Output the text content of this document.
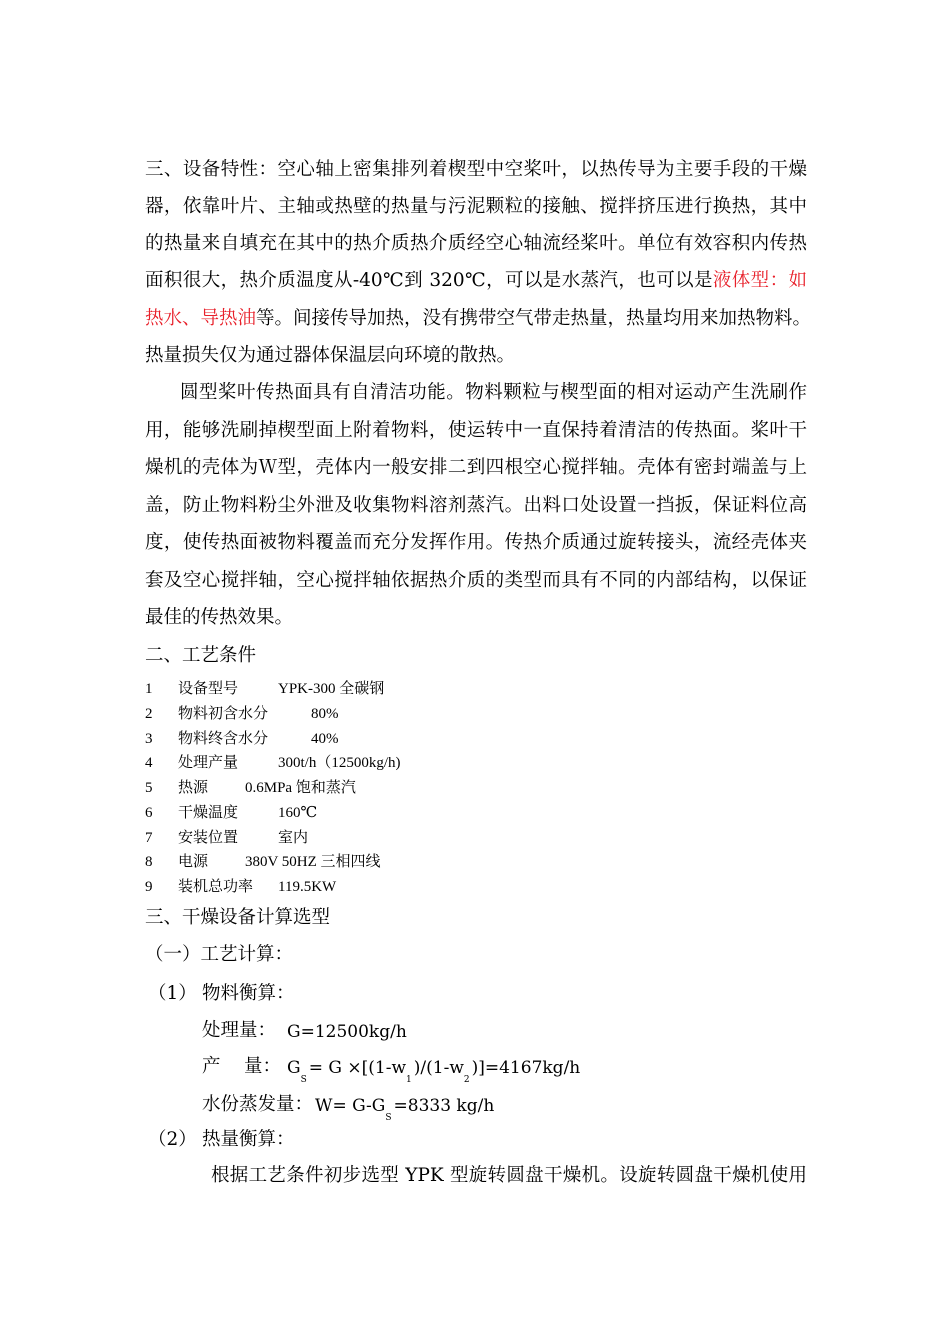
三、设备特性：空心轴上密集排列着楔型中空桨叶，以热传导为主要手段的干燥
器，依靠叶片、主轴或热壁的热量与污泥颗粒的接触、搅拌挤压进行换热，其中
的热量来自填充在其中的热介质热介质经空心轴流经桨叶。单位有效容积内传热
面积很大，热介质温度从-40℃到 320℃，可以是水蒸汽，也可以是液体型：如
热水、导热油等。间接传导加热，没有携带空气带走热量，热量均用来加热物料。
热量损失仅为通过器体保温层向环境的散热。
圆型桨叶传热面具有自清洁功能。物料颗粒与楔型面的相对运动产生洗刷作
用，能够洗刷掉楔型面上附着物料，使运转中一直保持着清洁的传热面。桨叶干
燥机的壳体为Ｗ型，壳体内一般安排二到四根空心搅拌轴。壳体有密封端盖与上
盖，防止物料粉尘外泄及收集物料溶剂蒸汽。出料口处设置一挡扳，保证料位高
度，使传热面被物料覆盖而充分发挥作用。传热介质通过旋转接头，流经壳体夹
套及空心搅拌轴，空心搅拌轴依据热介质的类型而具有不同的内部结构，以保证
最佳的传热效果。
二、工艺条件
1 设备型号	YPK-300 全碳钢
2 物料初含水分	80%
3 物料终含水分	40%
4 处理产量	300t/h（12500kg/h)
5 热源 0.6MPa 饱和蒸汽
6 干燥温度	160℃
7 安装位置	室内
8 电源 380V 50HZ 三相四线
9 装机总功率 119.5KW
三、干燥设备计算选型
（一）工艺计算：
（1） 物料衡算：
处理量： G=12500kg/h
产    量： $G_S= G \times[(1-w_1)/(1-w_2)]=4167kg/h$
水份蒸发量： $W= G-G_S=8333$ kg/h
（2） 热量衡算：
根据工艺条件初步选型 YPK 型旋转圆盘干燥机。设旋转圆盘干燥机使用
